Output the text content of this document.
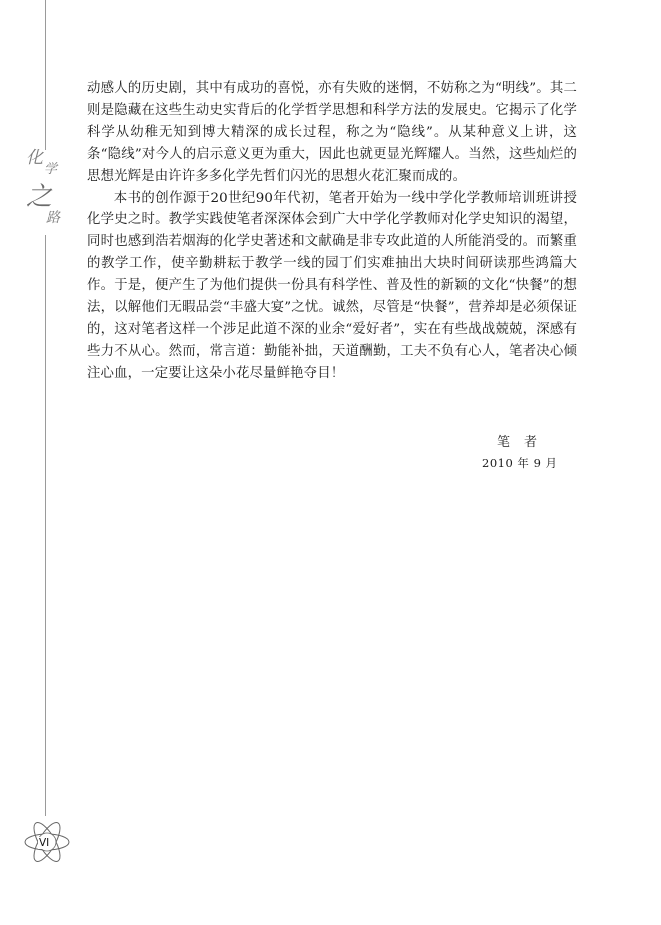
化
学
之
路

动感人的历史剧，其中有成功的喜悦，亦有失败的迷惘，不妨称之为“明线”。其二则是隐藏在这些生动史实背后的化学哲学思想和科学方法的发展史。它揭示了化学科学从幼稚无知到博大精深的成长过程，称之为“隐线”。从某种意义上讲，这条“隐线”对今人的启示意义更为重大，因此也就更显光辉耀人。当然，这些灿烂的思想光辉是由许许多多化学先哲们闪光的思想火花汇聚而成的。

本书的创作源于20世纪90年代初，笔者开始为一线中学化学教师培训班讲授化学史之时。教学实践使笔者深深体会到广大中学化学教师对化学史知识的渴望，同时也感到浩若烟海的化学史著述和文献确是非专攻此道的人所能消受的。而繁重的教学工作，使辛勤耕耘于教学一线的园丁们实难抽出大块时间研读那些鸿篇大作。于是，便产生了为他们提供一份具有科学性、普及性的新颖的文化“快餐”的想法，以解他们无暇品尝“丰盛大宴”之忧。诚然，尽管是“快餐”，营养却是必须保证的，这对笔者这样一个涉足此道不深的业余“爱好者”，实在有些战战兢兢，深感有些力不从心。然而，常言道：勤能补拙，天道酬勤，工夫不负有心人，笔者决心倾注心血，一定要让这朵小花尽量鲜艳夺目！

笔者
2010 年 9 月
VI
